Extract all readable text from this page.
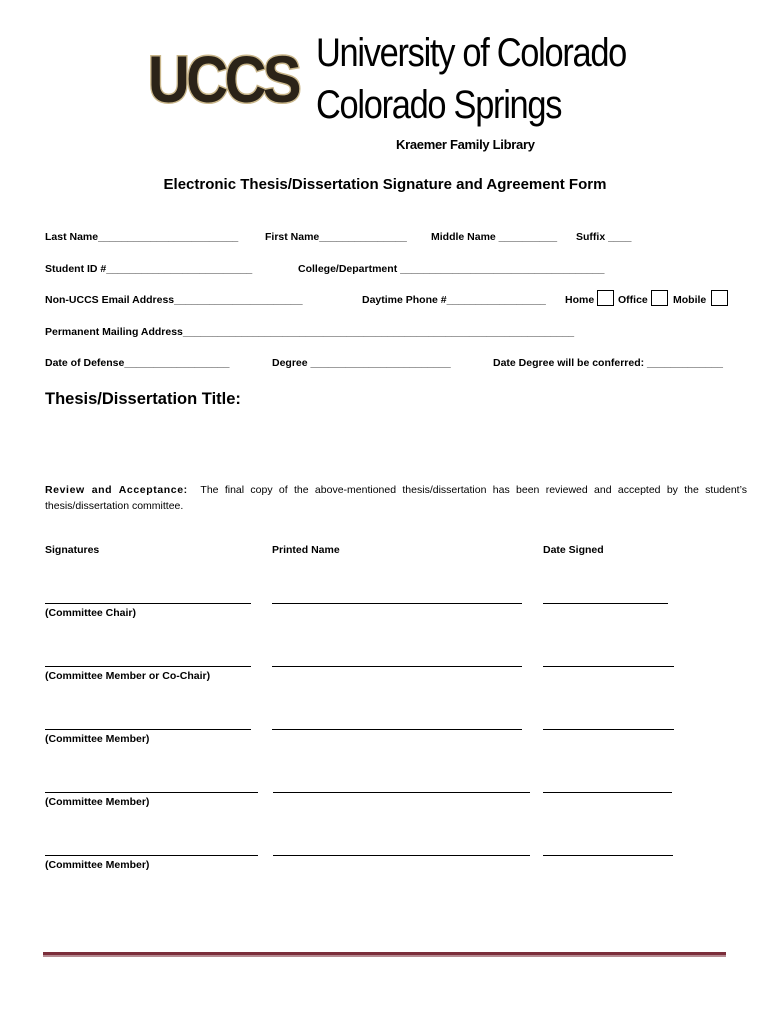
UCCS University of Colorado
Colorado Springs
Kraemer Family Library
Electronic Thesis/Dissertation Signature and Agreement Form
Last Name________________________	First Name_______________ Middle Name __________ Suffix ____
Student ID #_________________________	College/Department ___________________________________
Non-UCCS Email Address______________________	Daytime Phone #_________________ Home Office Mobile
Permanent Mailing Address___________________________________________________________________
Date of Defense__________________	Degree ________________________	Date Degree will be conferred: _____________
Thesis/Dissertation Title:
Review and Acceptance: The final copy of the above-mentioned thesis/dissertation has been reviewed and accepted by the student’s thesis/dissertation committee.
Signatures	Printed Name	Date Signed
(Committee Chair)
(Committee Member or Co-Chair)
(Committee Member)
(Committee Member)
(Committee Member)
